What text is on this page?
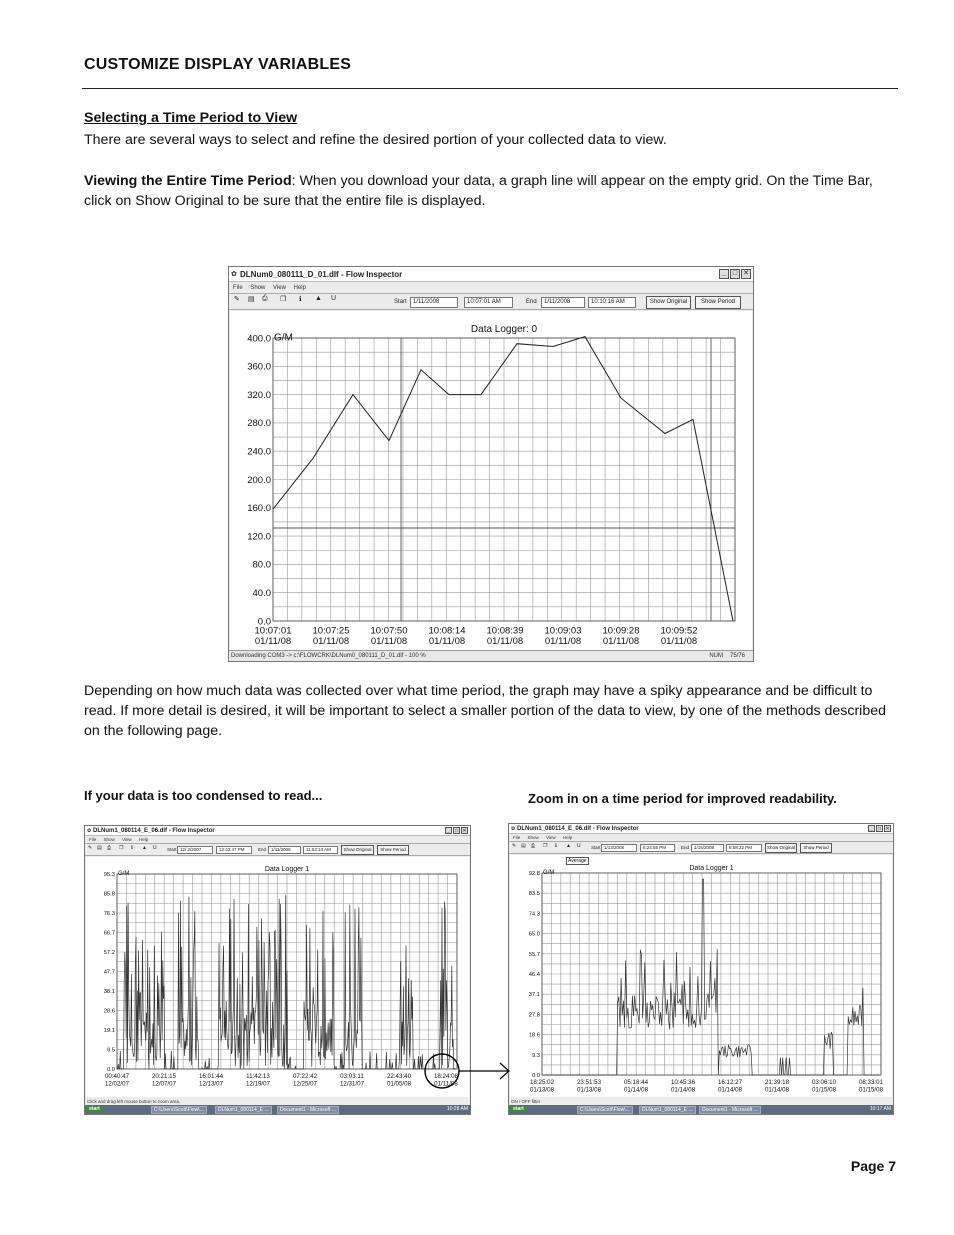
CUSTOMIZE DISPLAY VARIABLES
Selecting a Time Period to View
There are several ways to select and refine the desired portion of your collected data to view.
Viewing the Entire Time Period: When you download your data, a graph line will appear on the empty grid. On the Time Bar, click on Show Original to be sure that the entire file is displayed.
✿ DLNum0_080111_D_01.dlf - Flow Inspector	_ □ ✕
File Show View Help
✎ ▤ ⎙ ❐ ℹ ▲ U	Start	1/11/2008	10:07:01 AM	End	1/11/2008	10:10:16 AM	Show Original	Show Period
Data Logger: 0
G/M
400.0
360.0
320.0
280.0
240.0
200.0
160.0
120.0
80.0
40.0
0.0
10:07:01
01/11/08
10:07:25
01/11/08
10:07:50
01/11/08
10:08:14
01/11/08
10:08:39
01/11/08
10:09:03
01/11/08
10:09:28
01/11/08
10:09:52
01/11/08
Downloading COM3 -> c:\FLOWCRK\DLNum0_080111_D_01.dlf - 100 %	NUM 75/76
Depending on how much data was collected over what time period, the graph may have a spiky appearance and be difficult to read. If more detail is desired, it will be important to select a smaller portion of the data to view, by one of the methods described on the following page.
If your data is too condensed to read...	Zoom in on a time period for improved readability.
✿ DLNum1_080114_E_06.dlf - Flow Inspector	_	□ ✕
File Show View Help
✎ ▤ ⎙ ❐ ℹ ▲ U Start 12/ 2/2007	12:43:47 PM	End	1/11/2008	11:53:10 AM	Show Original	Show Period
Data Logger 1
G/M
95.3
85.8
76.3
66.7
57.2
47.7
38.1
28.6
19.1
9.5
0.0
00:40:47
12/02/07
20:21:15
12/07/07
16:01:44
12/13/07
11:42:13
12/19/07
07:22:42
12/25/07
03:03:11
12/31/07
22:43:40
01/05/08
18:24:08
01/11/08
Click and drag left mouse button to zoom area.
start	C:\Users\Scott\Flow\...	DLNum1_080114_E ...	Document1 - Microsoft ...	10:28 AM
✿ DLNum1_080114_E_06.dlf - Flow Inspector	_	□ ✕
File Show View Help
✎ ▤ ⎙ ❐ ℹ ▲ U Start 1/13/2008	6:24:55 PM	End	1/15/2008	8:58:22 PM	Show Original	Show Period
Data Logger 1
G/M
92.8
83.5
74.3
65.0
55.7
46.4
37.1
27.8
18.6
9.3
0.0
18:25:02
01/13/08
23:51:53
01/13/08
05:18:44
01/14/08
10:45:36
01/14/08
16:12:27
01/14/08
21:39:18
01/14/08
03:06:10
01/15/08
08:33:01
01/15/08
Average
ON / OFF filter
start	C:\Users\Scott\Flow\...	DLNum1_080114_E ...	Document1 - Microsoft ...	10:17 AM
Page 7
